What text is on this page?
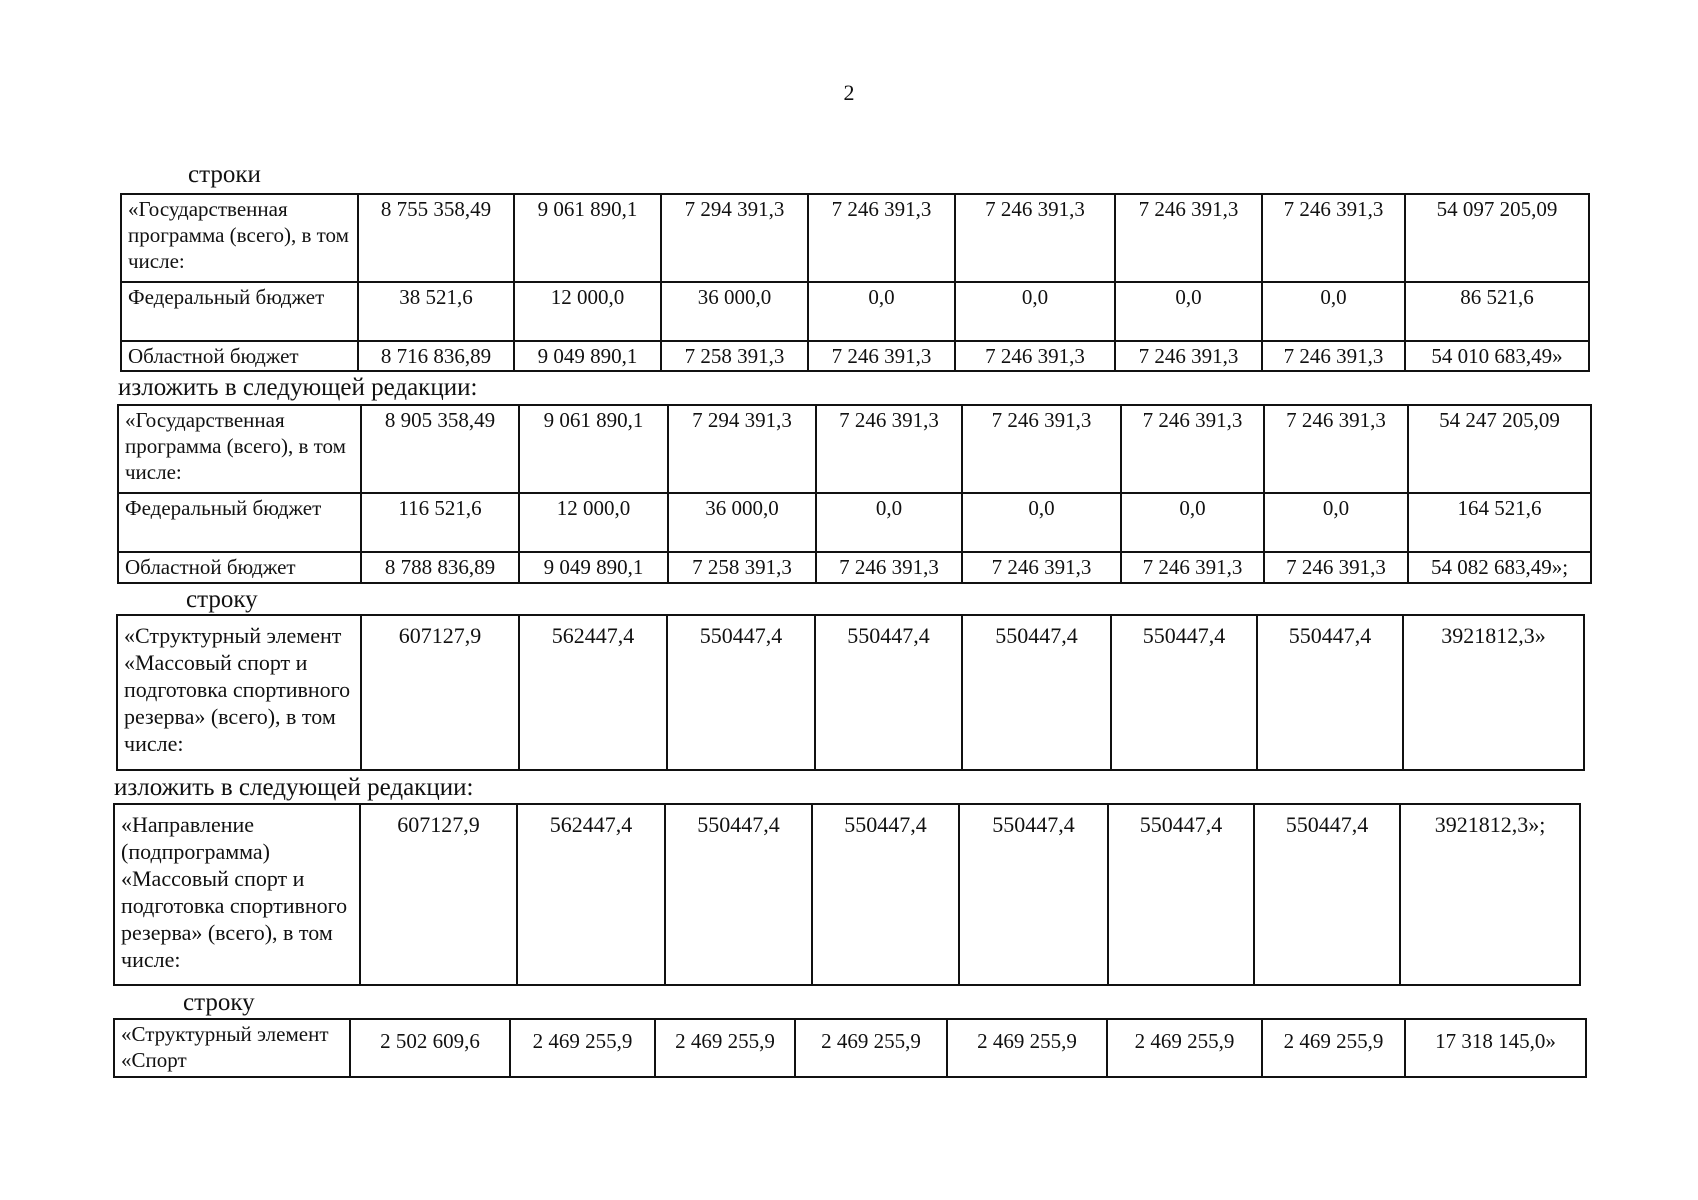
2
строки
«Государственная программа (всего), в том числе:	8 755 358,49	9 061 890,1	7 294 391,3	7 246 391,3	7 246 391,3	7 246 391,3	7 246 391,3	54 097 205,09
Федеральный бюджет	38 521,6	12 000,0	36 000,0	0,0	0,0	0,0	0,0	86 521,6
Областной бюджет	8 716 836,89	9 049 890,1	7 258 391,3	7 246 391,3	7 246 391,3	7 246 391,3	7 246 391,3	54 010 683,49»
изложить в следующей редакции:
«Государственная программа (всего), в том числе:	8 905 358,49	9 061 890,1	7 294 391,3	7 246 391,3	7 246 391,3	7 246 391,3	7 246 391,3	54 247 205,09
Федеральный бюджет	116 521,6	12 000,0	36 000,0	0,0	0,0	0,0	0,0	164 521,6
Областной бюджет	8 788 836,89	9 049 890,1	7 258 391,3	7 246 391,3	7 246 391,3	7 246 391,3	7 246 391,3	54 082 683,49»;
строку
«Структурный элемент «Массовый спорт и подготовка спортивного резерва» (всего), в том числе:	607127,9	562447,4	550447,4	550447,4	550447,4	550447,4	550447,4	3921812,3»
изложить в следующей редакции:
«Направление (подпрограмма) «Массовый спорт и подготовка спортивного резерва» (всего), в том числе:	607127,9	562447,4	550447,4	550447,4	550447,4	550447,4	550447,4	3921812,3»;
строку
«Структурный элемент «Спорт	2 502 609,6	2 469 255,9	2 469 255,9	2 469 255,9	2 469 255,9	2 469 255,9	2 469 255,9	17 318 145,0»
